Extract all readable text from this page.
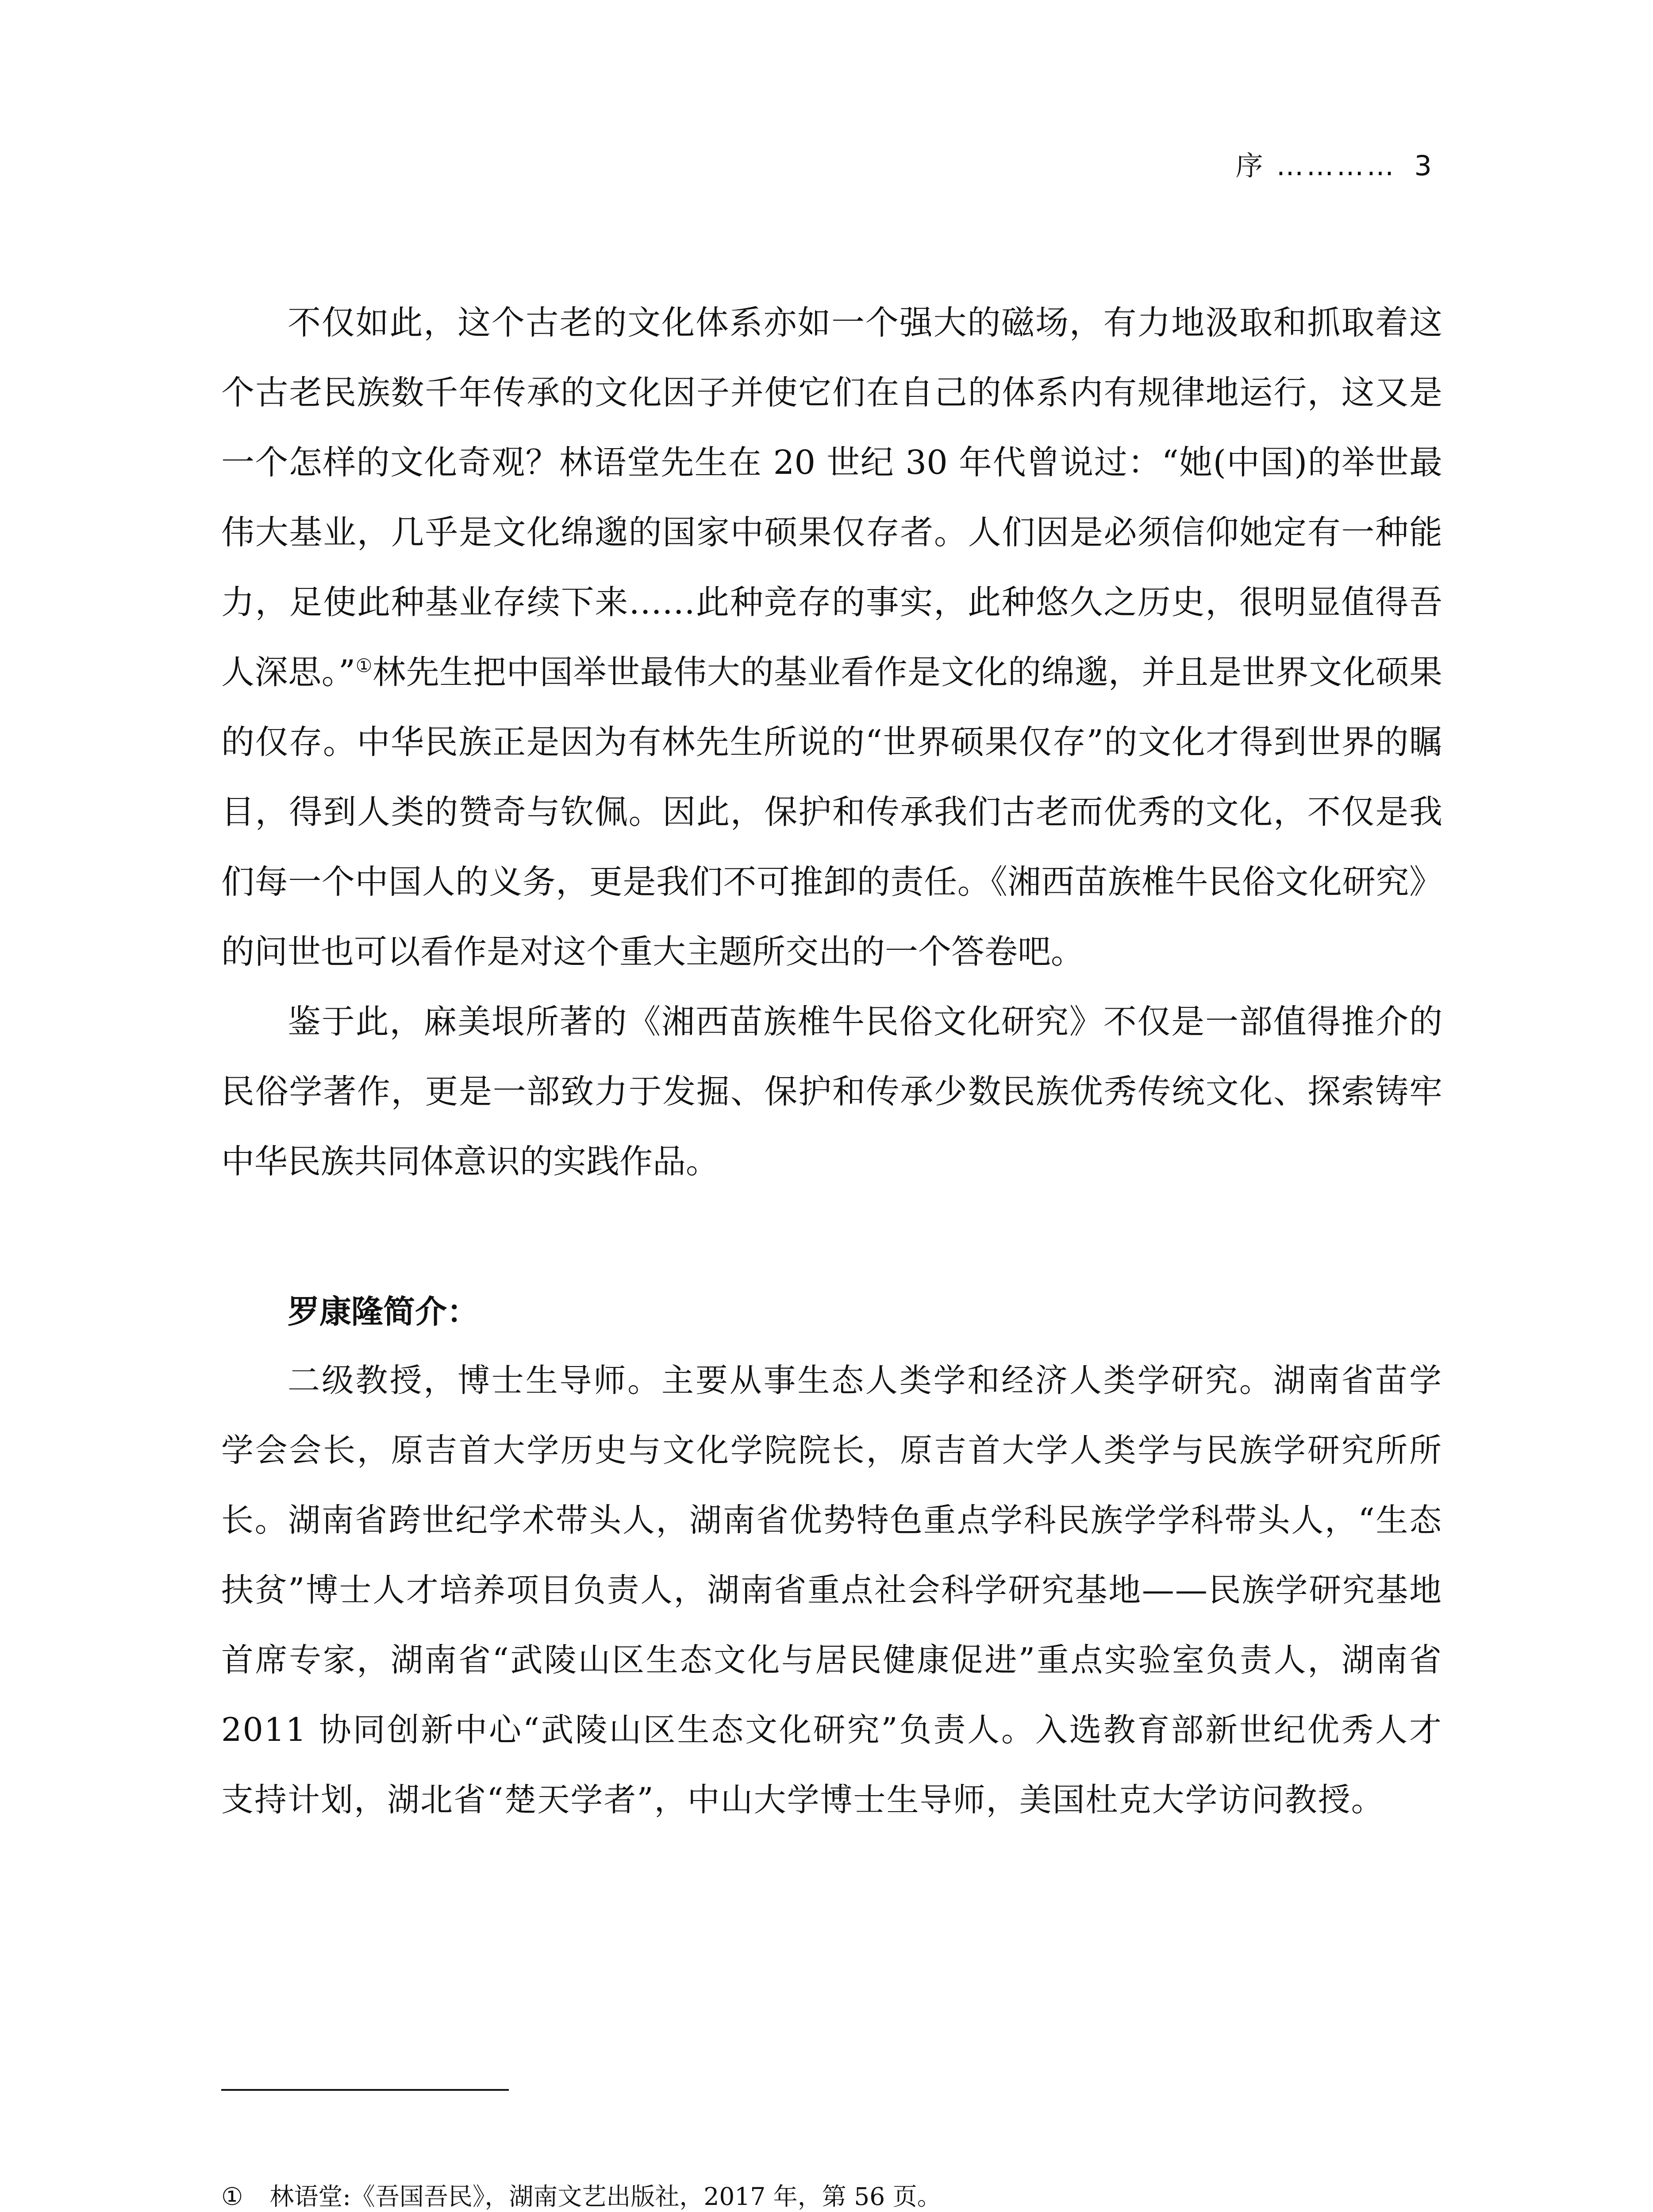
序 ………… 3

不仅如此，这个古老的文化体系亦如一个强大的磁场，有力地汲取和抓取着这个古老民族数千年传承的文化因子并使它们在自己的体系内有规律地运行，这又是一个怎样的文化奇观？林语堂先生在 20 世纪 30 年代曾说过：“她(中国)的举世最伟大基业，几乎是文化绵邈的国家中硕果仅存者。人们因是必须信仰她定有一种能力，足使此种基业存续下来……此种竞存的事实，此种悠久之历史，很明显值得吾人深思。”①林先生把中国举世最伟大的基业看作是文化的绵邈，并且是世界文化硕果的仅存。中华民族正是因为有林先生所说的“世界硕果仅存”的文化才得到世界的瞩目，得到人类的赞奇与钦佩。因此，保护和传承我们古老而优秀的文化，不仅是我们每一个中国人的义务，更是我们不可推卸的责任。《湘西苗族椎牛民俗文化研究》的问世也可以看作是对这个重大主题所交出的一个答卷吧。

鉴于此，麻美垠所著的《湘西苗族椎牛民俗文化研究》不仅是一部值得推介的民俗学著作，更是一部致力于发掘、保护和传承少数民族优秀传统文化、探索铸牢中华民族共同体意识的实践作品。

罗康隆简介：

二级教授，博士生导师。主要从事生态人类学和经济人类学研究。湖南省苗学学会会长，原吉首大学历史与文化学院院长，原吉首大学人类学与民族学研究所所长。湖南省跨世纪学术带头人，湖南省优势特色重点学科民族学学科带头人，“生态扶贫”博士人才培养项目负责人，湖南省重点社会科学研究基地——民族学研究基地首席专家，湖南省“武陵山区生态文化与居民健康促进”重点实验室负责人，湖南省 2011 协同创新中心“武陵山区生态文化研究”负责人。入选教育部新世纪优秀人才支持计划，湖北省“楚天学者”，中山大学博士生导师，美国杜克大学访问教授。

① 林语堂:《吾国吾民》，湖南文艺出版社，2017 年，第 56 页。
